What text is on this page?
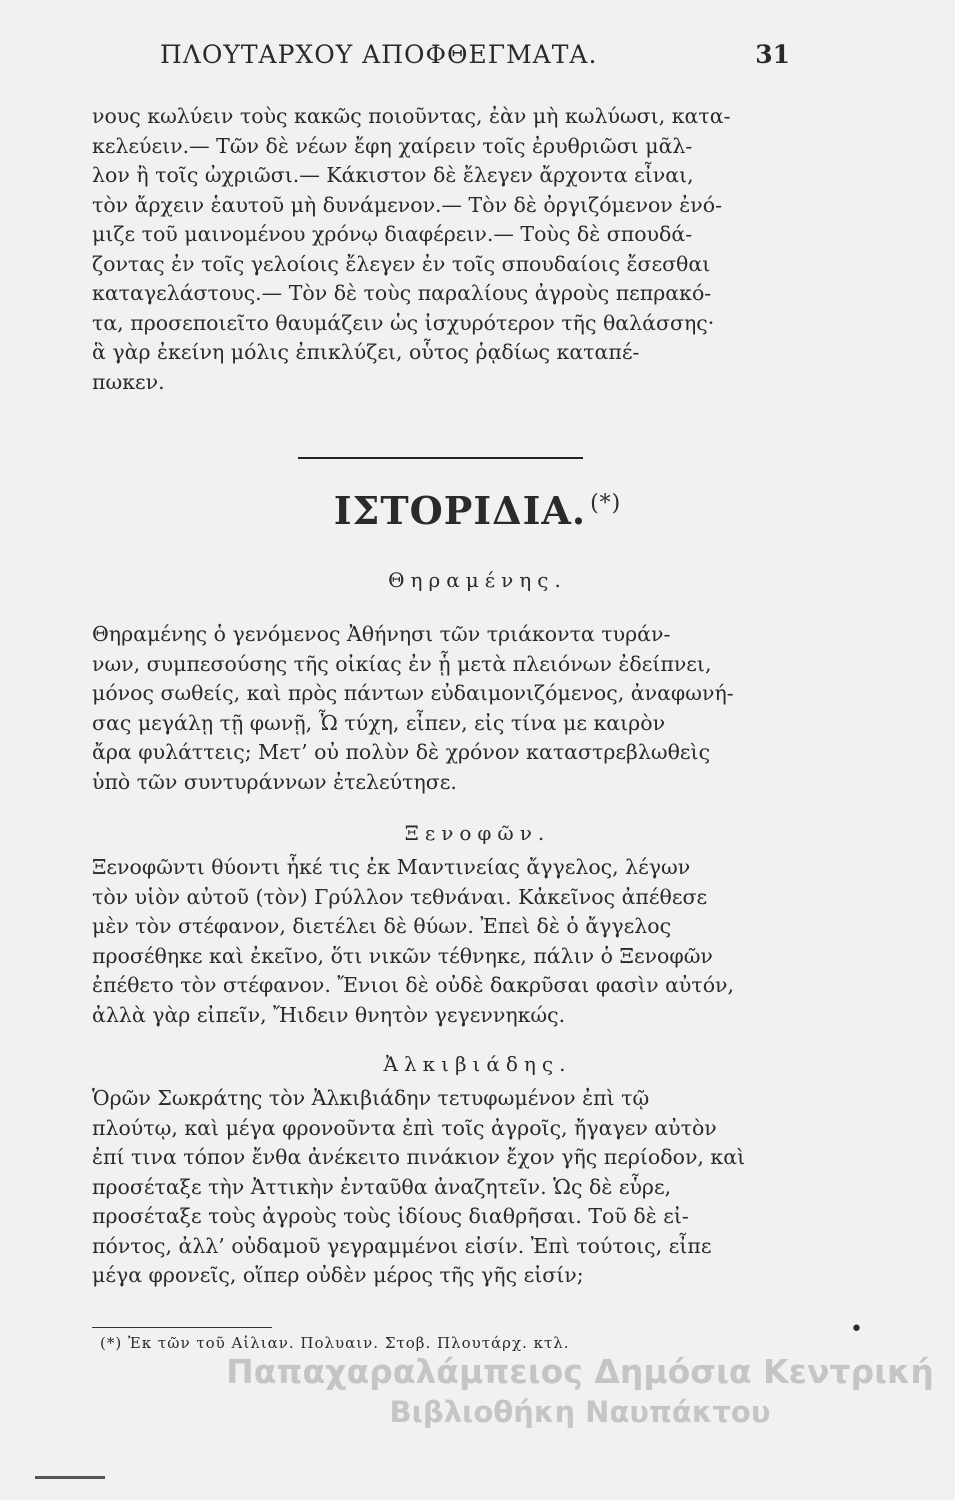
ΠΛΟΥΤΑΡΧΟΥ ΑΠΟΦΘΕΓΜΑΤΑ.	31
νους κωλύειν τοὺς κακῶς ποιοῦντας, ἐὰν μὴ κωλύωσι, κατα-
κελεύειν.— Τῶν δὲ νέων ἔφη χαίρειν τοῖς ἐρυθριῶσι μᾶλ-
λον ἢ τοῖς ὠχριῶσι.— Κάκιστον δὲ ἔλεγεν ἄρχοντα εἶναι,
τὸν ἄρχειν ἑαυτοῦ μὴ δυνάμενον.— Τὸν δὲ ὀργιζόμενον ἐνό-
μιζε τοῦ μαινομένου χρόνῳ διαφέρειν.— Τοὺς δὲ σπουδά-
ζοντας ἐν τοῖς γελοίοις ἔλεγεν ἐν τοῖς σπουδαίοις ἔσεσθαι
καταγελάστους.— Τὸν δὲ τοὺς παραλίους ἀγροὺς πεπρακό-
τα, προσεποιεῖτο θαυμάζειν ὡς ἰσχυρότερον τῆς θαλάσσης·
ἃ γὰρ ἐκείνη μόλις ἐπικλύζει, οὗτος ῥᾳδίως καταπέ-
πωκεν.
ΙΣΤΟΡΙΔΙΑ. (*)
Θηραμένης.
Θηραμένης ὁ γενόμενος Ἀθήνησι τῶν τριάκοντα τυράν-
νων, συμπεσούσης τῆς οἰκίας ἐν ᾗ μετὰ πλειόνων ἐδείπνει,
μόνος σωθείς, καὶ πρὸς πάντων εὐδαιμονιζόμενος, ἀναφωνή-
σας μεγάλῃ τῇ φωνῇ, Ὦ τύχη, εἶπεν, εἰς τίνα με καιρὸν
ἄρα φυλάττεις; Μετ’ οὐ πολὺν δὲ χρόνον καταστρεβλωθεὶς
ὑπὸ τῶν συντυράννων ἐτελεύτησε.
Ξενοφῶν.
Ξενοφῶντι θύοντι ἧκέ τις ἐκ Μαντινείας ἄγγελος, λέγων
τὸν υἱὸν αὐτοῦ (τὸν) Γρύλλον τεθνάναι. Κἀκεῖνος ἀπέθεσε
μὲν τὸν στέφανον, διετέλει δὲ θύων. Ἐπεὶ δὲ ὁ ἄγγελος
προσέθηκε καὶ ἐκεῖνο, ὅτι νικῶν τέθνηκε, πάλιν ὁ Ξενοφῶν
ἐπέθετο τὸν στέφανον. Ἔνιοι δὲ οὐδὲ δακρῦσαι φασὶν αὐτόν,
ἀλλὰ γὰρ εἰπεῖν, Ἤιδειν θνητὸν γεγεννηκώς.
Ἀλκιβιάδης.
Ὁρῶν Σωκράτης τὸν Ἀλκιβιάδην τετυφωμένον ἐπὶ τῷ
πλούτῳ, καὶ μέγα φρονοῦντα ἐπὶ τοῖς ἀγροῖς, ἤγαγεν αὐτὸν
ἐπί τινα τόπον ἔνθα ἀνέκειτο πινάκιον ἔχον γῆς περίοδον, καὶ
προσέταξε τὴν Ἀττικὴν ἐνταῦθα ἀναζητεῖν. Ὡς δὲ εὗρε,
προσέταξε τοὺς ἀγροὺς τοὺς ἰδίους διαθρῆσαι. Τοῦ δὲ εἰ-
πόντος, ἀλλ’ οὐδαμοῦ γεγραμμένοι εἰσίν. Ἐπὶ τούτοις, εἶπε
μέγα φρονεῖς, οἵπερ οὐδὲν μέρος τῆς γῆς εἰσίν;
•
(*) Ἐκ τῶν τοῦ Αἰλιαν. Πολυαιν. Στοβ. Πλουτάρχ. κτλ.
Παπαχαραλάμπειος Δημόσια Κεντρική
Βιβλιοθήκη Ναυπάκτου
